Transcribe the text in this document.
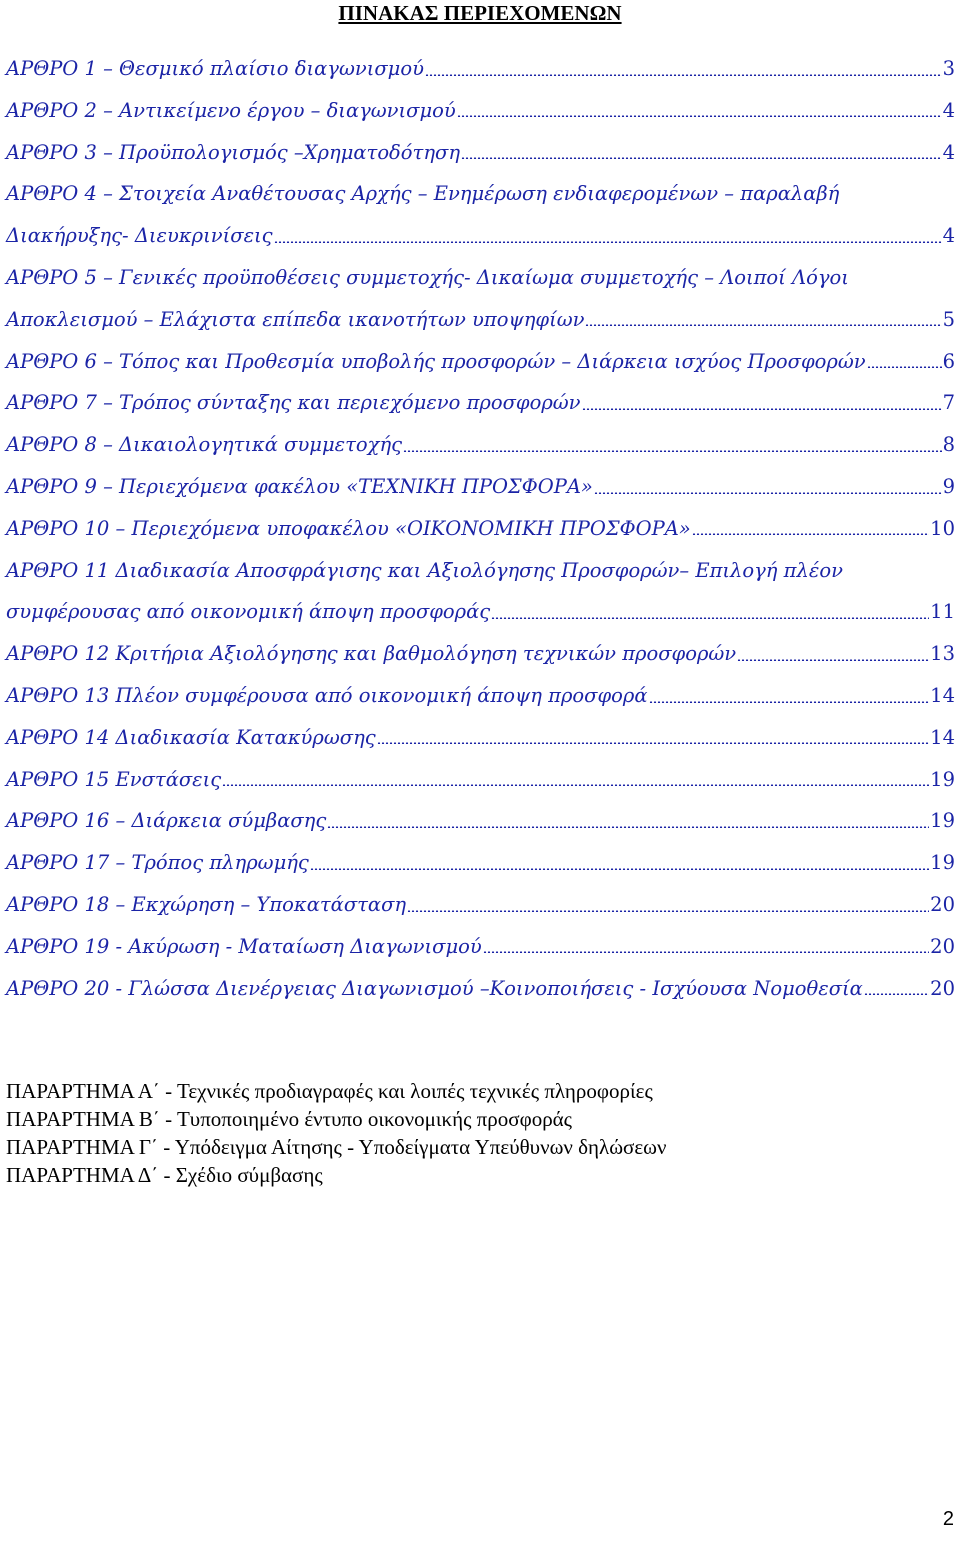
ΠΙΝΑΚΑΣ ΠΕΡΙΕΧΟΜΕΝΩΝ
ΑΡΘΡΟ 1 – Θεσμικό πλαίσιο διαγωνισμού	3
ΑΡΘΡΟ 2 – Αντικείμενο έργου – διαγωνισμού	4
ΑΡΘΡΟ 3 – Προϋπολογισμός –Χρηματοδότηση	4
ΑΡΘΡΟ 4 – Στοιχεία Αναθέτουσας Αρχής – Ενημέρωση ενδιαφερομένων – παραλαβή
Διακήρυξης- Διευκρινίσεις	4
ΑΡΘΡΟ 5 – Γενικές προϋποθέσεις συμμετοχής- Δικαίωμα συμμετοχής – Λοιποί Λόγοι
Αποκλεισμού – Ελάχιστα επίπεδα ικανοτήτων υποψηφίων	5
ΑΡΘΡΟ 6 – Τόπος και Προθεσμία υποβολής προσφορών – Διάρκεια ισχύος Προσφορών	6
ΑΡΘΡΟ 7 – Τρόπος σύνταξης και περιεχόμενο προσφορών	7
ΑΡΘΡΟ 8 – Δικαιολογητικά συμμετοχής	8
ΑΡΘΡΟ 9 – Περιεχόμενα φακέλου «ΤΕΧΝΙΚΗ ΠΡΟΣΦΟΡΑ»	9
ΑΡΘΡΟ 10 – Περιεχόμενα υποφακέλου «ΟΙΚΟΝΟΜΙΚΗ ΠΡΟΣΦΟΡΑ»	10
ΑΡΘΡΟ 11 Διαδικασία Αποσφράγισης και Αξιολόγησης Προσφορών– Επιλογή πλέον
συμφέρουσας από οικονομική άποψη προσφοράς	11
ΑΡΘΡΟ 12 Κριτήρια Αξιολόγησης και βαθμολόγηση τεχνικών προσφορών	13
ΑΡΘΡΟ 13 Πλέον συμφέρουσα από οικονομική άποψη προσφορά	14
ΑΡΘΡΟ 14 Διαδικασία Κατακύρωσης	14
ΑΡΘΡΟ 15 Ενστάσεις	19
ΑΡΘΡΟ 16 – Διάρκεια σύμβασης	19
ΑΡΘΡΟ 17 – Τρόπος πληρωμής	19
ΑΡΘΡΟ 18 – Εκχώρηση – Υποκατάσταση	20
ΑΡΘΡΟ 19 - Ακύρωση - Ματαίωση Διαγωνισμού	20
ΑΡΘΡΟ 20 - Γλώσσα Διενέργειας Διαγωνισμού –Κοινοποιήσεις - Ισχύουσα Νομοθεσία	20
ΠΑΡΑΡΤΗΜΑ Α΄ - Τεχνικές προδιαγραφές και λοιπές τεχνικές πληροφορίες
ΠΑΡΑΡΤΗΜΑ Β΄ - Τυποποιημένο έντυπο οικονομικής προσφοράς
ΠΑΡΑΡΤΗΜΑ Γ΄ - Υπόδειγμα Αίτησης - Υποδείγματα Υπεύθυνων δηλώσεων
ΠΑΡΑΡΤΗΜΑ Δ΄ - Σχέδιο σύμβασης
2
